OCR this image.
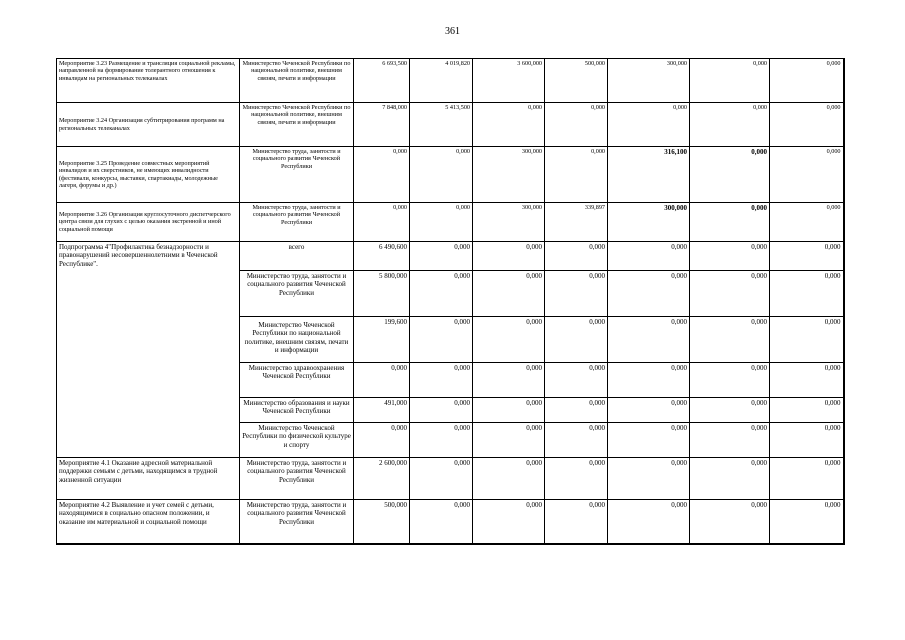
361
Мероприятие 3.23 Размещение и трансляция социальной рекламы, направленной на формирование толерантного отношения к инвалидам на региональных телеканалах	Министерство Чеченской Республики по национальной политике, внешним связям, печати и информации	6 693,500	4 019,820	3 600,000	500,000	300,000	0,000	0,000
Мероприятие 3.24 Организация субтитрирования программ на региональных телеканалах	Министерство Чеченской Республики по национальной политике, внешним связям, печати и информации	7 848,000	5 413,500	0,000	0,000	0,000	0,000	0,000
Мероприятие 3.25 Проведение совместных мероприятий инвалидов и их сверстников, не имеющих инвалидности (фестивали, конкурсы, выставки, спартакиады, молодежные лагеря, форумы и др.)	Министерство труда, занятости и социального развития Чеченской Республики	0,000	0,000	300,000	0,000	316,100	0,000	0,000
Мероприятие 3.26 Организация круглосуточного диспетчерского центра связи для глухих с целью оказания экстренной и иной социальной помощи	Министерство труда, занятости и социального развития Чеченской Республики	0,000	0,000	300,000	339,897	300,000	0,000	0,000
Подпрограмма 4"Профилактика безнадзорности и правонарушений несовершеннолетними в Чеченской Республике".	всего	6 490,600	0,000	0,000	0,000	0,000	0,000	0,000
	Министерство труда, занятости и социального развития Чеченской Республики	5 800,000	0,000	0,000	0,000	0,000	0,000	0,000
	Министерство Чеченской Республики по национальной политике, внешним связям, печати и информации	199,600	0,000	0,000	0,000	0,000	0,000	0,000
	Министерство здравоохранения Чеченской Республики	0,000	0,000	0,000	0,000	0,000	0,000	0,000
	Министерство образования и науки Чеченской Республики	491,000	0,000	0,000	0,000	0,000	0,000	0,000
	Министерство Чеченской Республики по физической культуре и спорту	0,000	0,000	0,000	0,000	0,000	0,000	0,000
Мероприятие 4.1 Оказание адресной материальной поддержки семьям с детьми, находящимся в трудной жизненной ситуации	Министерство труда, занятости и социального развития Чеченской Республики	2 600,000	0,000	0,000	0,000	0,000	0,000	0,000
Мероприятие 4.2 Выявление и учет семей с детьми, находящимися в социально опасном положении, и оказание им материальной и социальной помощи	Министерство труда, занятости и социального развития Чеченской Республики	500,000	0,000	0,000	0,000	0,000	0,000	0,000
